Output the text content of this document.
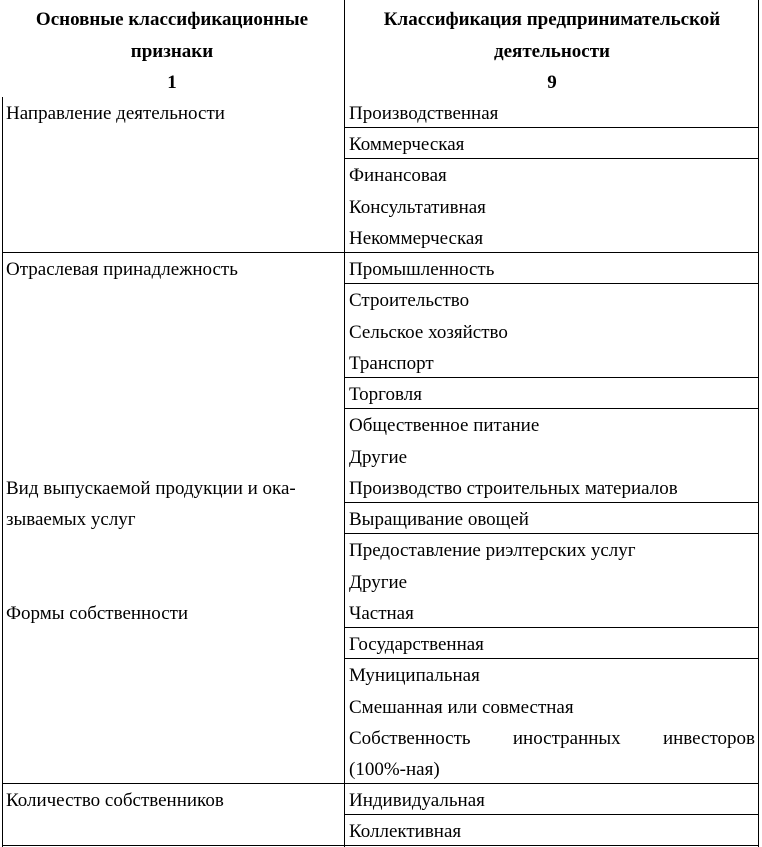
Основные классификационные
признаки
1
Классификация предпринимательской
деятельности
9
Направление деятельности
Отраслевая принадлежность
Вид выпускаемой продукции и ока-
зываемых услуг
Формы собственности
Количество собственников
Производственная
Коммерческая
Финансовая
Консультативная
Некоммерческая
Промышленность
Строительство
Сельское хозяйство
Транспорт
Торговля
Общественное питание
Другие
Производство строительных материалов
Выращивание овощей
Предоставление риэлтерских услуг
Другие
Частная
Государственная
Муниципальная
Смешанная или совместная
Собственность иностранных инвесторов
(100%-ная)
Индивидуальная
Коллективная
